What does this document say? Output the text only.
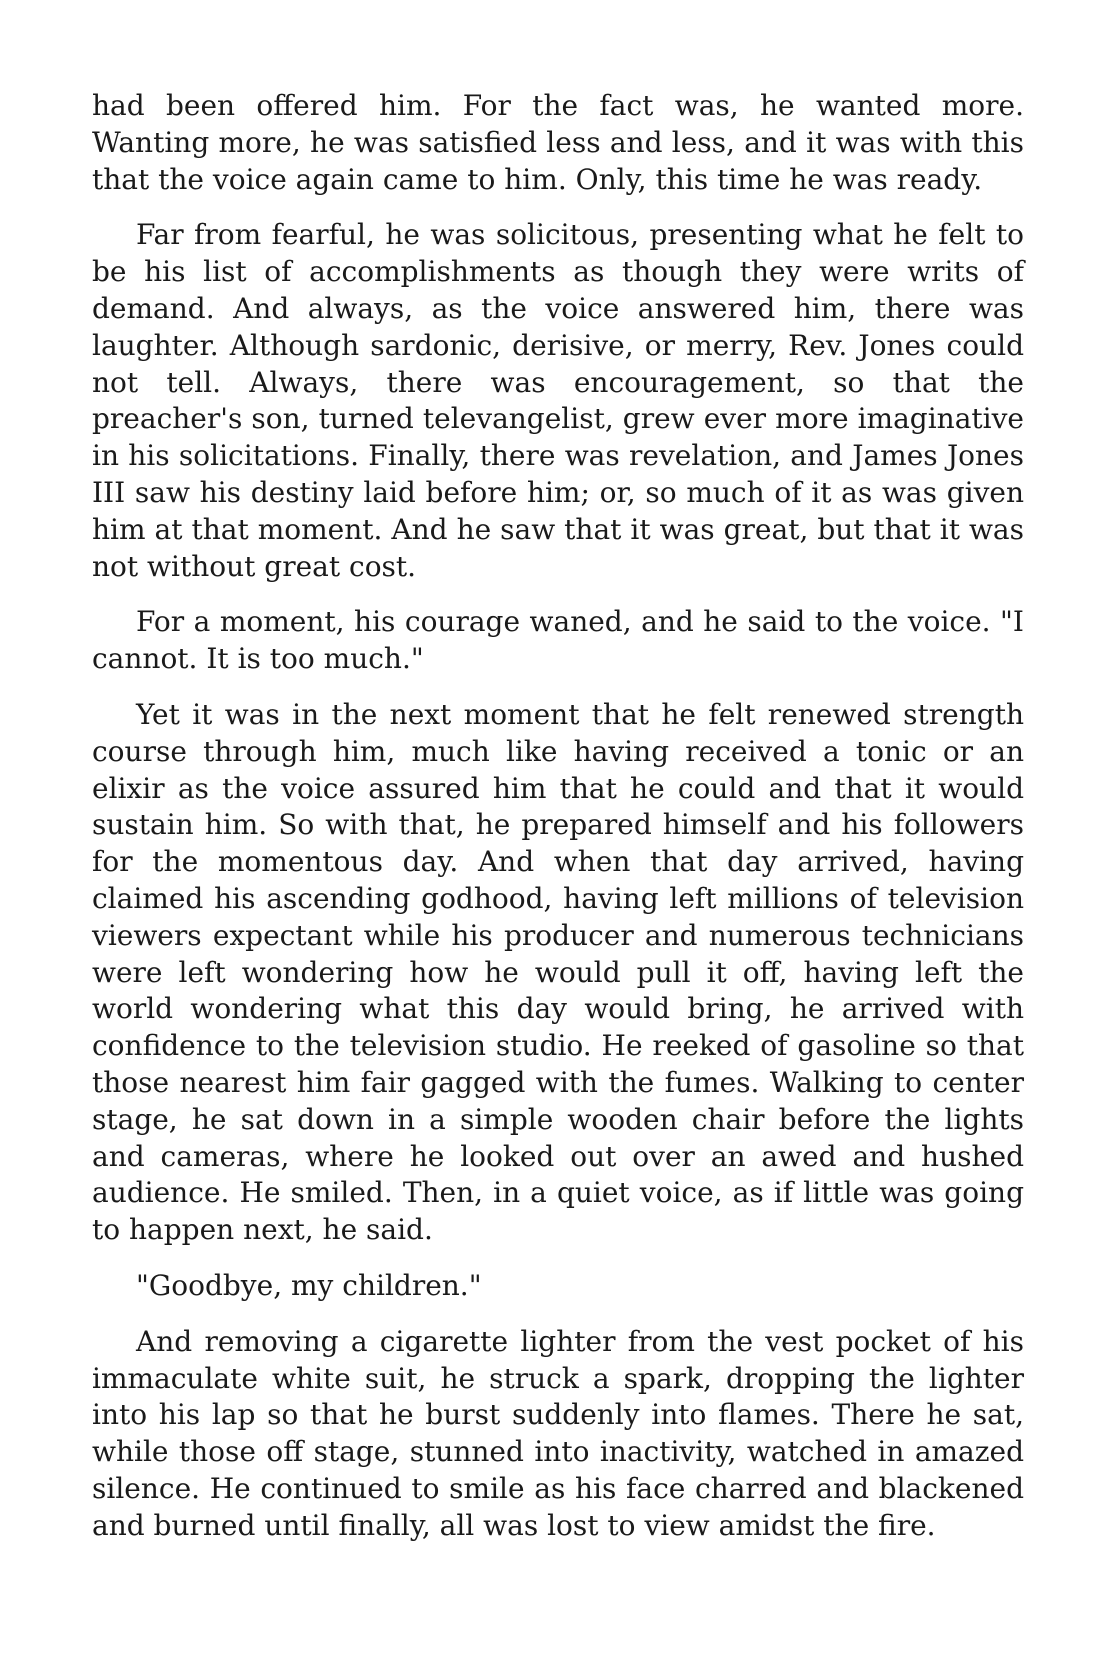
had been offered him. For the fact was, he wanted more. Wanting more, he was satisfied less and less, and it was with this that the voice again came to him. Only, this time he was ready.

Far from fearful, he was solicitous, presenting what he felt to be his list of accomplishments as though they were writs of demand. And always, as the voice answered him, there was laughter. Although sardonic, derisive, or merry, Rev. Jones could not tell. Always, there was encouragement, so that the preacher's son, turned televangelist, grew ever more imaginative in his solicitations. Finally, there was revelation, and James Jones III saw his destiny laid before him; or, so much of it as was given him at that moment. And he saw that it was great, but that it was not without great cost.

For a moment, his courage waned, and he said to the voice. "I cannot. It is too much."

Yet it was in the next moment that he felt renewed strength course through him, much like having received a tonic or an elixir as the voice assured him that he could and that it would sustain him. So with that, he prepared himself and his followers for the momentous day. And when that day arrived, having claimed his ascending godhood, having left millions of television viewers expectant while his producer and numerous technicians were left wondering how he would pull it off, having left the world wondering what this day would bring, he arrived with confidence to the television studio. He reeked of gasoline so that those nearest him fair gagged with the fumes. Walking to center stage, he sat down in a simple wooden chair before the lights and cameras, where he looked out over an awed and hushed audience. He smiled. Then, in a quiet voice, as if little was going to happen next, he said.

"Goodbye, my children."

And removing a cigarette lighter from the vest pocket of his immaculate white suit, he struck a spark, dropping the lighter into his lap so that he burst suddenly into flames. There he sat, while those off stage, stunned into inactivity, watched in amazed silence. He continued to smile as his face charred and blackened and burned until finally, all was lost to view amidst the fire.
